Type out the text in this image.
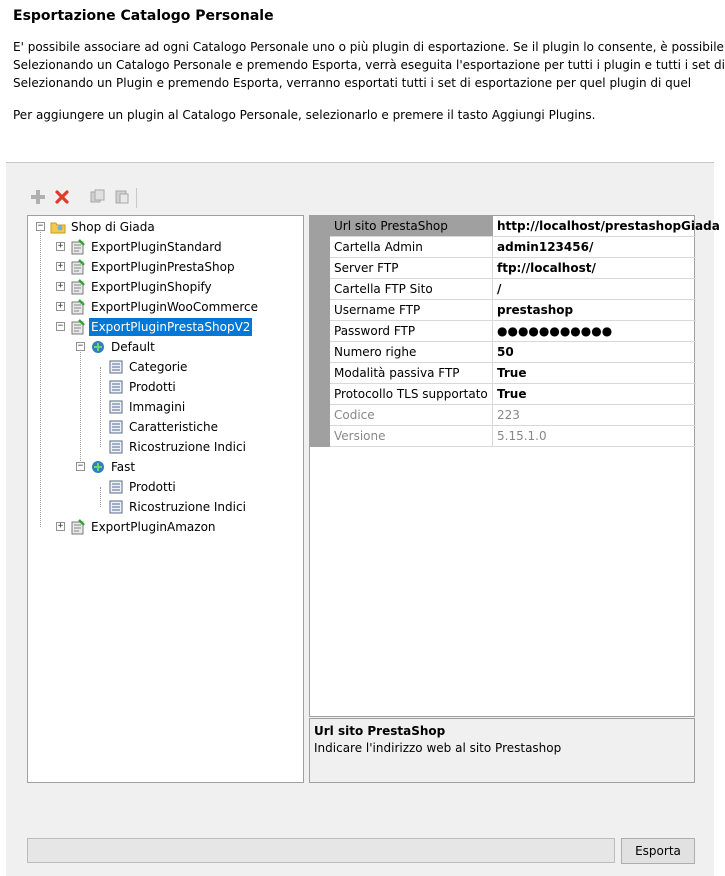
Esportazione Catalogo Personale
E' possibile associare ad ogni Catalogo Personale uno o più plugin di esportazione. Se il plugin lo consente, è possibile
Selezionando un Catalogo Personale e premendo Esporta, verrà eseguita l'esportazione per tutti i plugin e tutti i set di
Selezionando un Plugin e premendo Esporta, verranno esportati tutti i set di esportazione per quel plugin di quel
Per aggiungere un plugin al Catalogo Personale, selezionarlo e premere il tasto Aggiungi Plugins.
− Shop di Giada
+ ExportPluginStandard
+ ExportPluginPrestaShop
+ ExportPluginShopify
+ ExportPluginWooCommerce
− ExportPluginPrestaShopV2
− Default
Categorie
Prodotti
Immagini
Caratteristiche
Ricostruzione Indici
− Fast
Prodotti
Ricostruzione Indici
+ ExportPluginAmazon
Url sito PrestaShop	http://localhost/prestashopGiada
Cartella Admin	admin123456/
Server FTP	ftp://localhost/
Cartella FTP Sito	/
Username FTP	prestashop
Password FTP	●●●●●●●●●●●
Numero righe	50
Modalità passiva FTP	True
Protocollo TLS supportato True
Codice	223
Versione	5.15.1.0
Url sito PrestaShop
Indicare l'indirizzo web al sito Prestashop
Esporta
